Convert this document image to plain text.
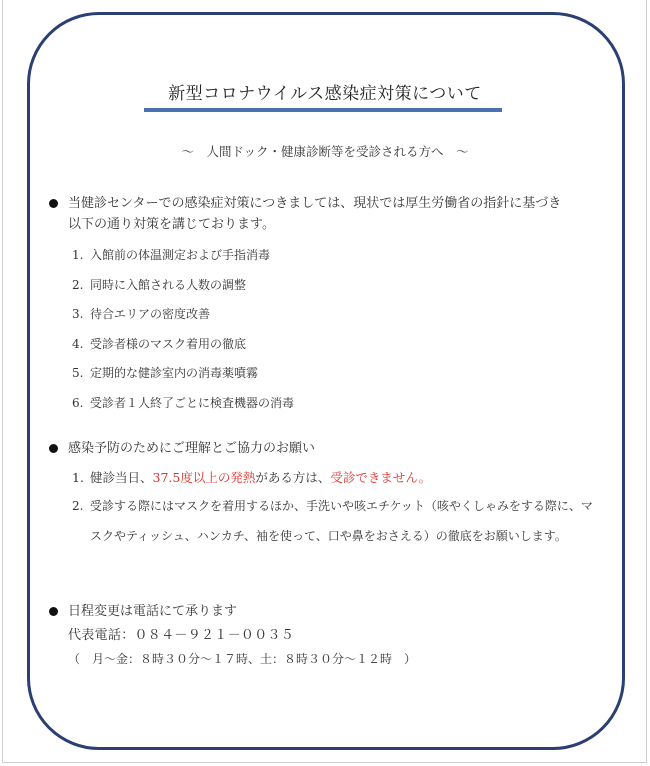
新型コロナウイルス感染症対策について
～　人間ドック・健康診断等を受診される方へ　～
当健診センターでの感染症対策につきましては、現状では厚生労働省の指針に基づき
以下の通り対策を講じております。
1. 入館前の体温測定および手指消毒
2. 同時に入館される人数の調整
3. 待合エリアの密度改善
4. 受診者様のマスク着用の徹底
5. 定期的な健診室内の消毒薬噴霧
6. 受診者１人終了ごとに検査機器の消毒
感染予防のためにご理解とご協力のお願い
1. 健診当日、37.5度以上の発熱がある方は、受診できません。
2. 受診する際にはマスクを着用するほか、手洗いや咳エチケット（咳やくしゃみをする際に、マスクやティッシュ、ハンカチ、袖を使って、口や鼻をおさえる）の徹底をお願いします。
日程変更は電話にて承ります
代表電話：０８４－９２１－００３５
（　月～金：８時３０分～１７時、土：８時３０分～１２時　）
